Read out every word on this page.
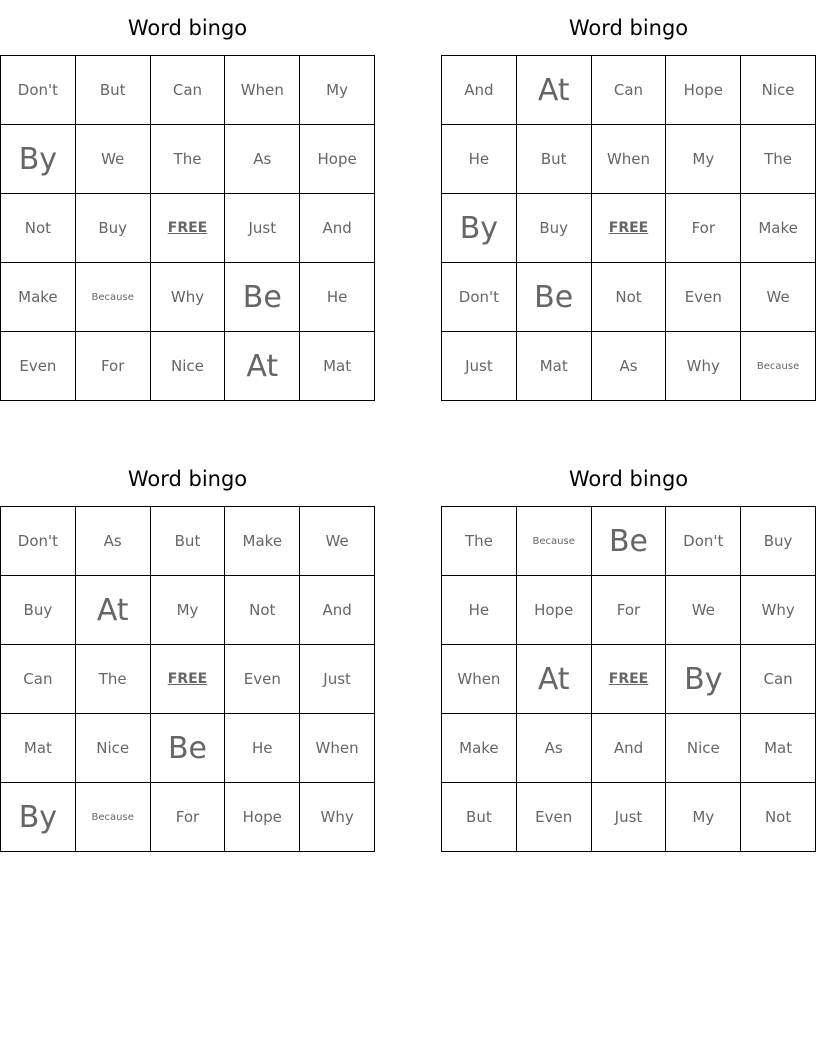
Word bingo
Don't	But	Can	When	My
By	We	The	As	Hope
Not	Buy	FREE	Just	And
Make	Because	Why	Be	He
Even	For	Nice	At	Mat
Word bingo
And	At	Can	Hope	Nice
He	But	When	My	The
By	Buy	FREE	For	Make
Don't	Be	Not	Even	We
Just	Mat	As	Why	Because
Word bingo
Don't	As	But	Make	We
Buy	At	My	Not	And
Can	The	FREE	Even	Just
Mat	Nice	Be	He	When
By	Because	For	Hope	Why
Word bingo
The	Because	Be	Don't	Buy
He	Hope	For	We	Why
When	At	FREE	By	Can
Make	As	And	Nice	Mat
But	Even	Just	My	Not
